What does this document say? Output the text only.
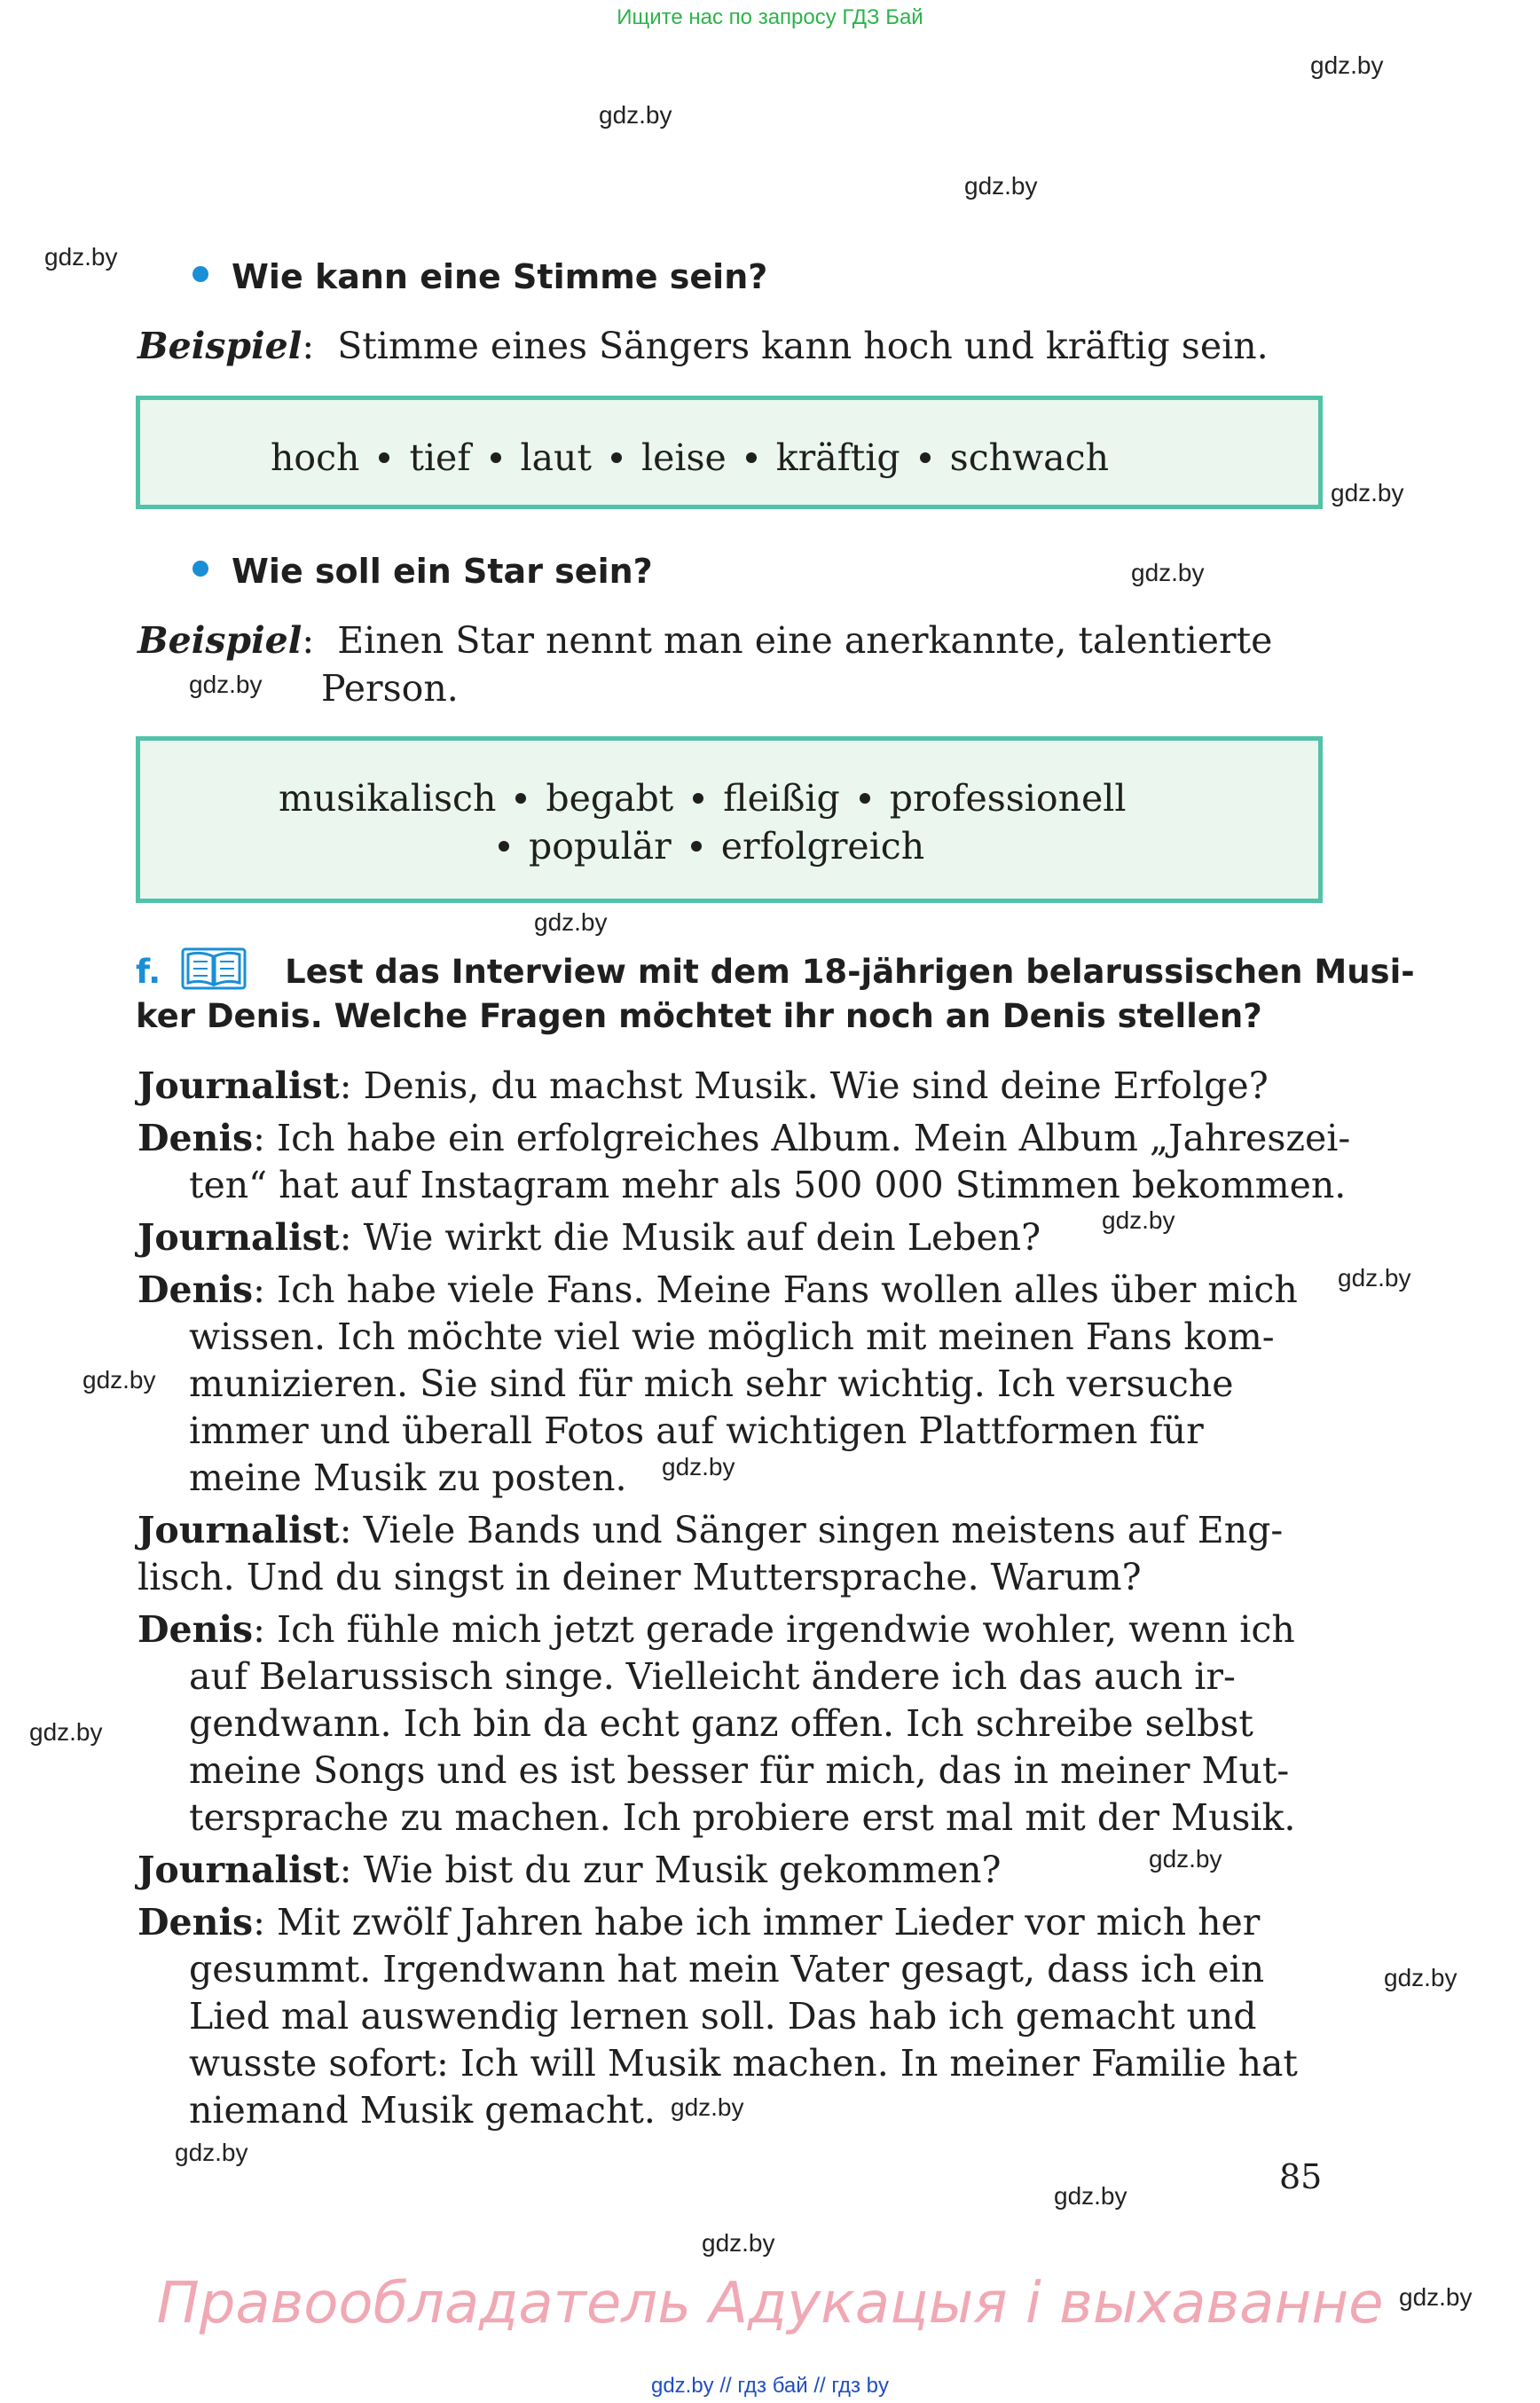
Ищите нас по запросу ГДЗ Бай
gdz.by
gdz.by
gdz.by
gdz.by
gdz.by
gdz.by
gdz.by
gdz.by
gdz.by
gdz.by
gdz.by
gdz.by
gdz.by
gdz.by
gdz.by
gdz.by
gdz.by
gdz.by
gdz.by
gdz.by
Wie kann eine Stimme sein?
Beispiel:  Stimme eines Sängers kann hoch und kräftig sein.
hoch tief laut leise kräftig schwach
Wie soll ein Star sein?
Beispiel:  Einen Star nennt man eine anerkannte, talentierte
Person.
musikalisch begabt fleißig professionell
populär erfolgreich
f.	Lest das Interview mit dem 18-jährigen belarussischen Musi-
ker Denis. Welche Fragen möchtet ihr noch an Denis stellen?
Journalist: Denis, du machst Musik. Wie sind deine Erfolge?
Denis: Ich habe ein erfolgreiches Album. Mein Album „Jahreszei-
ten“ hat auf Instagram mehr als 500 000 Stimmen bekommen.
Journalist: Wie wirkt die Musik auf dein Leben?
Denis: Ich habe viele Fans. Meine Fans wollen alles über mich
wissen. Ich möchte viel wie möglich mit meinen Fans kom-
munizieren. Sie sind für mich sehr wichtig. Ich versuche
immer und überall Fotos auf wichtigen Plattformen für
meine Musik zu posten.
Journalist: Viele Bands und Sänger singen meistens auf Eng-
lisch. Und du singst in deiner Muttersprache. Warum?
Denis: Ich fühle mich jetzt gerade irgendwie wohler, wenn ich
auf Belarussisch singe. Vielleicht ändere ich das auch ir-
gendwann. Ich bin da echt ganz offen. Ich schreibe selbst
meine Songs und es ist besser für mich, das in meiner Mut-
tersprache zu machen. Ich probiere erst mal mit der Musik.
Journalist: Wie bist du zur Musik gekommen?
Denis: Mit zwölf Jahren habe ich immer Lieder vor mich her
gesummt. Irgendwann hat mein Vater gesagt, dass ich ein
Lied mal auswendig lernen soll. Das hab ich gemacht und
wusste sofort: Ich will Musik machen. In meiner Familie hat
niemand Musik gemacht.
85
Правообладатель Адукацыя і выхаванне
gdz.by // гдз бай // гдз by
